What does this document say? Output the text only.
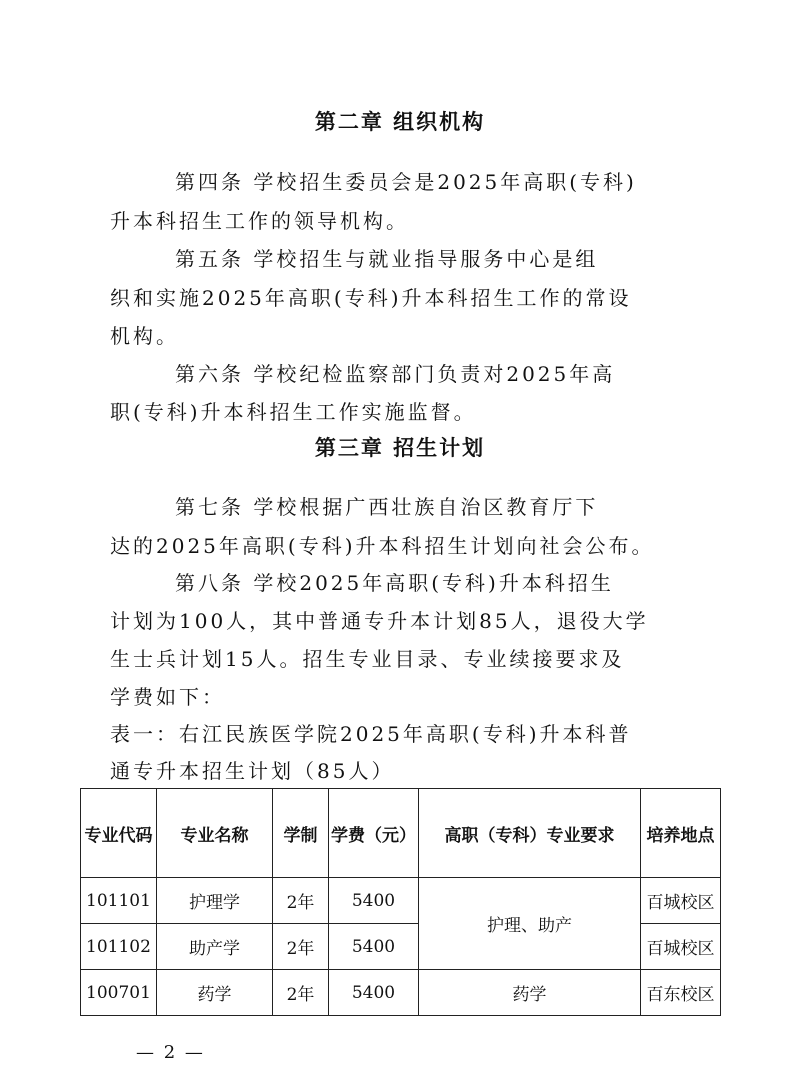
第二章 组织机构
第四条 学校招生委员会是2025年高职(专科)
升本科招生工作的领导机构。
第五条 学校招生与就业指导服务中心是组
织和实施2025年高职(专科)升本科招生工作的常设
机构。
第六条 学校纪检监察部门负责对2025年高
职(专科)升本科招生工作实施监督。
第三章 招生计划
第七条 学校根据广西壮族自治区教育厅下
达的2025年高职(专科)升本科招生计划向社会公布。
第八条 学校2025年高职(专科)升本科招生
计划为100人，其中普通专升本计划85人，退役大学
生士兵计划15人。招生专业目录、专业续接要求及
学费如下：
表一：右江民族医学院2025年高职(专科)升本科普
通专升本招生计划（85人）
专业代码	专业名称	学制	学费（元）	高职（专科）专业要求	培养地点
101101	护理学	2年	5400	护理、助产	百城校区
101102	助产学	2年	5400		百城校区
100701	药学	2年	5400	药学	百东校区
— 2 —
